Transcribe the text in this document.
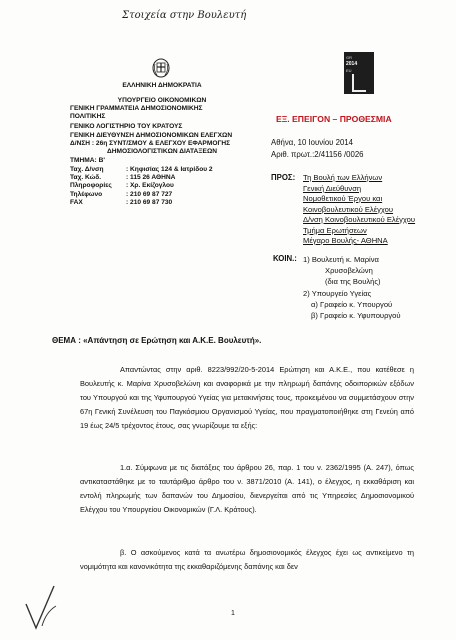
Στοιχεία στην Βουλευτή
ΕΛΛΗΝΙΚΗ ΔΗΜΟΚΡΑΤΙΑ
ΥΠΟΥΡΓΕΙΟ ΟΙΚΟΝΟΜΙΚΩΝ
ΓΕΝΙΚΗ ΓΡΑΜΜΑΤΕΙΑ ΔΗΜΟΣΙΟΝΟΜΙΚΗΣ
ΠΟΛΙΤΙΚΗΣ
ΓΕΝΙΚΟ ΛΟΓΙΣΤΗΡΙΟ ΤΟΥ ΚΡΑΤΟΥΣ
ΓΕΝΙΚΗ ΔΙΕΥΘΥΝΣΗ ΔΗΜΟΣΙΟΝΟΜΙΚΩΝ ΕΛΕΓΧΩΝ
Δ/ΝΣΗ : 26η ΣΥΝΤ/ΣΜΟΥ & ΕΛΕΓΧΟΥ ΕΦΑΡΜΟΓΗΣ
ΔΗΜΟΣΙΟΛΟΓΙΣΤΙΚΩΝ ΔΙΑΤΑΞΕΩΝ
ΤΜΗΜΑ: Β'
Ταχ. Δ/νση	: Κηφισίας 124 & Ιατρίδου 2
Ταχ. Κώδ.	: 115 26 ΑΘΗΝΑ
Πληροφορίες	: Χρ. Εκίζογλου
Τηλέφωνο	: 210 69 87 727
FAX	: 210 69 87 730
GR
2014
EU
ΕΞ. ΕΠΕΙΓΟΝ – ΠΡΟΘΕΣΜΙΑ
Αθήνα, 10 Ιουνίου 2014
Αριθ. πρωτ.:2/41156 /0026
ΠΡΟΣ: Τη Βουλή των Ελλήνων
Γενική Διεύθυνση
Νομοθετικού Έργου και
Κοινοβουλευτικού Ελέγχου
Δ/νση Κοινοβουλευτικού Ελέγχου
Τμήμα Ερωτήσεων
Μέγαρο Βουλής- ΑΘΗΝΑ
ΚΟΙΝ.: 1) Βουλευτή κ. Μαρίνα
Χρυσοβελώνη
(δια της Βουλής)
2) Υπουργείο Υγείας
α) Γραφείο κ. Υπουργού
β) Γραφείο κ. Υφυπουργού
ΘΕΜΑ : «Απάντηση σε Ερώτηση και Α.Κ.Ε. Βουλευτή».
Απαντώντας στην αριθ. 8223/992/20-5-2014 Ερώτηση και Α.Κ.Ε., που κατέθεσε η Βουλευτής κ. Μαρίνα Χρυσοβελώνη και αναφορικά με την πληρωμή δαπάνης οδοιπορικών εξόδων του Υπουργού και της Υφυπουργού Υγείας για μετακινήσεις τους, προκειμένου να συμμετάσχουν στην 67η Γενική Συνέλευση του Παγκόσμιου Οργανισμού Υγείας, που πραγματοποιήθηκε στη Γενεύη από 19 έως 24/5 τρέχοντος έτους, σας γνωρίζουμε τα εξής:
1.α. Σύμφωνα με τις διατάξεις του άρθρου 26, παρ. 1 του ν. 2362/1995 (Α. 247), όπως αντικαταστάθηκε με το ταυτάριθμο άρθρο του ν. 3871/2010 (Α. 141), ο έλεγχος, η εκκαθάριση και εντολή πληρωμής των δαπανών του Δημοσίου, διενεργείται από τις Υπηρεσίες Δημοσιονομικού Ελέγχου του Υπουργείου Οικονομικών (Γ.Λ. Κράτους).
β. Ο ασκούμενος κατά τα ανωτέρω δημοσιονομικός έλεγχος έχει ως αντικείμενο τη νομιμότητα και κανονικότητα της εκκαθαριζόμενης δαπάνης και δεν
1
